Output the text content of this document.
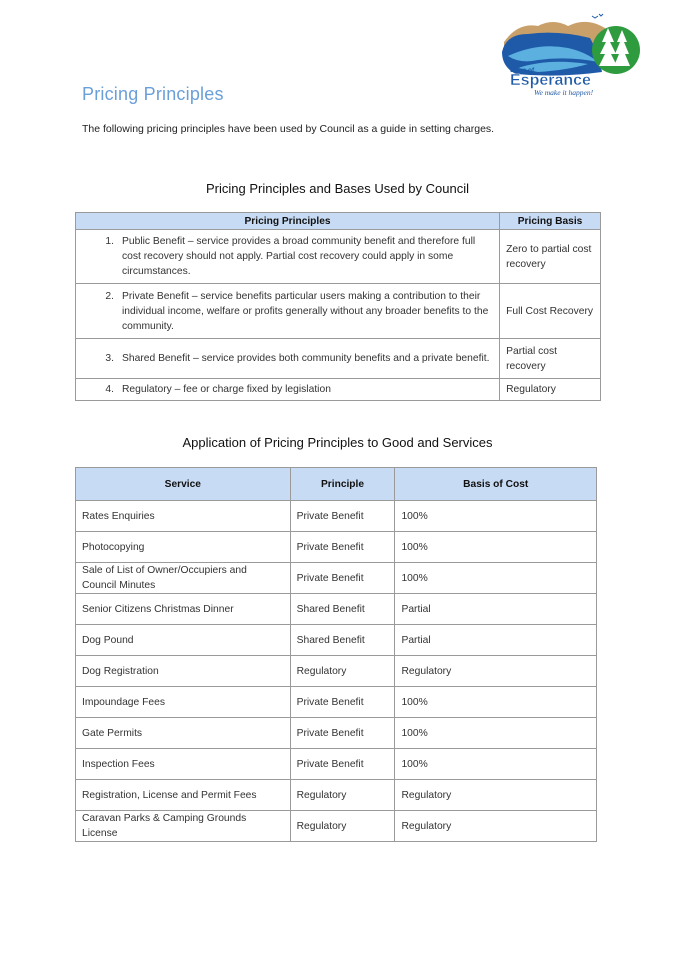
Shire of
Esperance
We make it happen!
Pricing Principles
The following pricing principles have been used by Council as a guide in setting charges.
Pricing Principles and Bases Used by Council
Pricing Principles	Pricing Basis

1. Public Benefit – service provides a broad community benefit and therefore full cost recovery should not apply. Partial cost recovery could apply in some circumstances.	Zero to partial cost recovery

2. Private Benefit – service benefits particular users making a contribution to their individual income, welfare or profits generally without any broader benefits to the community.	Full Cost Recovery

3. Shared Benefit – service provides both community benefits and a private benefit.	Partial cost recovery

4. Regulatory – fee or charge fixed by legislation	Regulatory
Application of Pricing Principles to Good and Services
Service	Principle	Basis of Cost
Rates Enquiries	Private Benefit	100%
Photocopying	Private Benefit	100%
Sale of List of Owner/Occupiers and Council Minutes	Private Benefit	100%
Senior Citizens Christmas Dinner	Shared Benefit	Partial
Dog Pound	Shared Benefit	Partial
Dog Registration	Regulatory	Regulatory
Impoundage Fees	Private Benefit	100%
Gate Permits	Private Benefit	100%
Inspection Fees	Private Benefit	100%
Registration, License and Permit Fees	Regulatory	Regulatory
Caravan Parks & Camping Grounds License	Regulatory	Regulatory
